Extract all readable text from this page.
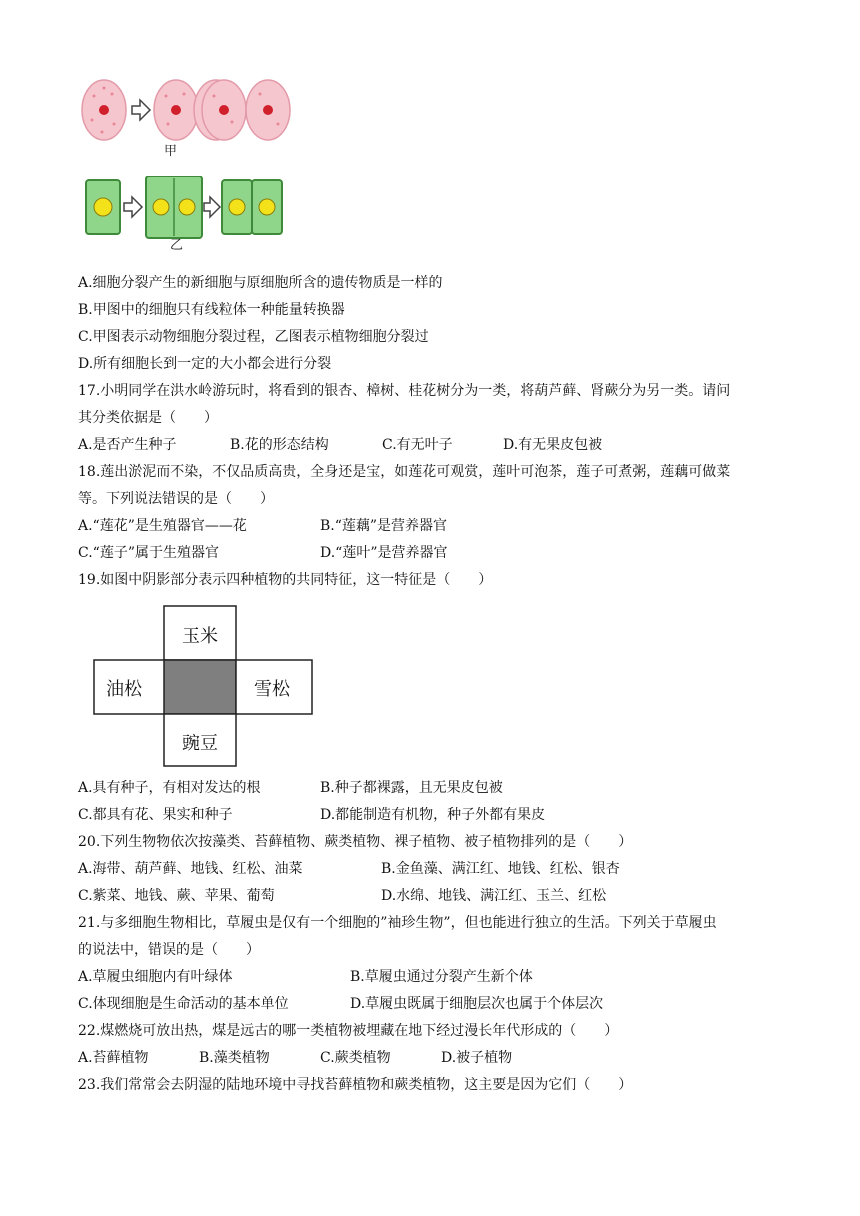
甲
乙
A.细胞分裂产生的新细胞与原细胞所含的遗传物质是一样的
B.甲图中的细胞只有线粒体一种能量转换器
C.甲图表示动物细胞分裂过程，乙图表示植物细胞分裂过
D.所有细胞长到一定的大小都会进行分裂
17.小明同学在洪水岭游玩时，将看到的银杏、樟树、桂花树分为一类，将葫芦藓、肾蕨分为另一类。请问
其分类依据是（　　）
A.是否产生种子	B.花的形态结构	C.有无叶子	D.有无果皮包被
18.莲出淤泥而不染，不仅品质高贵，全身还是宝，如莲花可观赏，莲叶可泡茶，莲子可煮粥，莲藕可做菜
等。下列说法错误的是（　　）
A.“莲花”是生殖器官——花	B.“莲藕”是营养器官
C.“莲子”属于生殖器官	D.“莲叶”是营养器官
19.如图中阴影部分表示四种植物的共同特征，这一特征是（　　）
玉米
油松	雪松
豌豆
A.具有种子，有相对发达的根	B.种子都裸露，且无果皮包被
C.都具有花、果实和种子	D.都能制造有机物，种子外都有果皮
20.下列生物物依次按藻类、苔藓植物、蕨类植物、裸子植物、被子植物排列的是（　　）
A.海带、葫芦藓、地钱、红松、油菜	B.金鱼藻、满江红、地钱、红松、银杏
C.紫菜、地钱、蕨、苹果、葡萄	D.水绵、地钱、满江红、玉兰、红松
21.与多细胞生物相比，草履虫是仅有一个细胞的”袖珍生物”，但也能进行独立的生活。下列关于草履虫
的说法中，错误的是（　　）
A.草履虫细胞内有叶绿体	B.草履虫通过分裂产生新个体
C.体现细胞是生命活动的基本单位	D.草履虫既属于细胞层次也属于个体层次
22.煤燃烧可放出热，煤是远古的哪一类植物被埋藏在地下经过漫长年代形成的（　　）
A.苔藓植物	B.藻类植物	C.蕨类植物	D.被子植物
23.我们常常会去阴湿的陆地环境中寻找苔藓植物和蕨类植物，这主要是因为它们（　　）
